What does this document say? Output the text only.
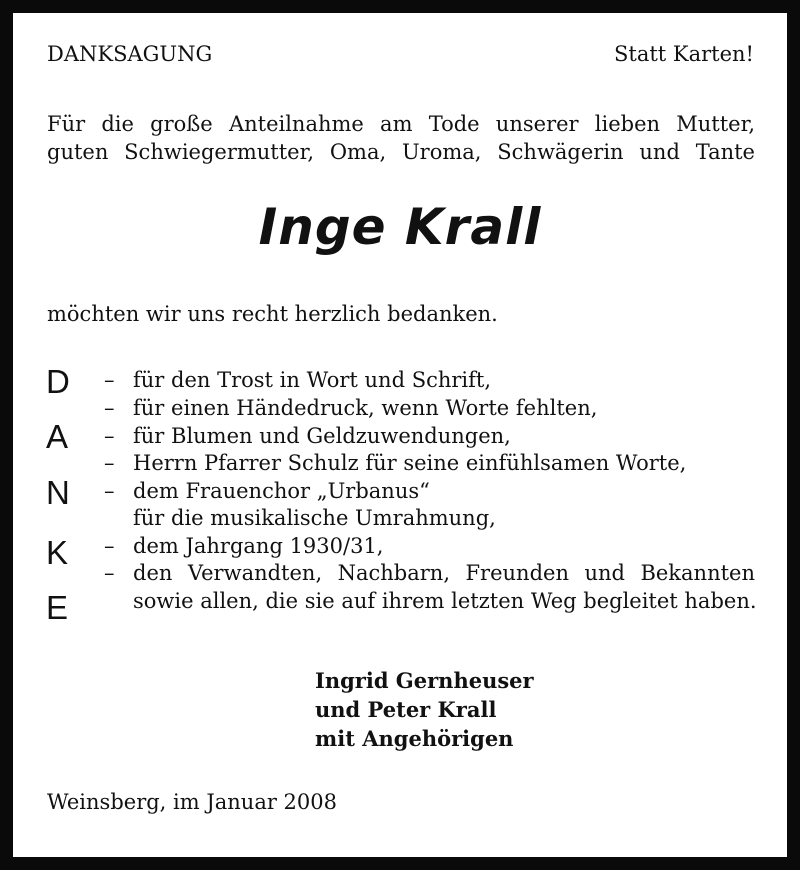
DANKSAGUNG	Statt Karten!
Für die große Anteilnahme am Tode unserer lieben Mutter,
guten Schwiegermutter, Oma, Uroma, Schwägerin und Tante
Inge Krall
möchten wir uns recht herzlich bedanken.
D
A
N
K
E
–
–
–
–
–
–
–
für den Trost in Wort und Schrift,
für einen Händedruck, wenn Worte fehlten,
für Blumen und Geldzuwendungen,
Herrn Pfarrer Schulz für seine einfühlsamen Worte,
dem Frauenchor „Urbanus“
für die musikalische Umrahmung,
dem Jahrgang 1930/31,
den Verwandten, Nachbarn, Freunden und Bekannten
sowie allen, die sie auf ihrem letzten Weg begleitet haben.
Ingrid Gernheuser
und Peter Krall
mit Angehörigen
Weinsberg, im Januar 2008
